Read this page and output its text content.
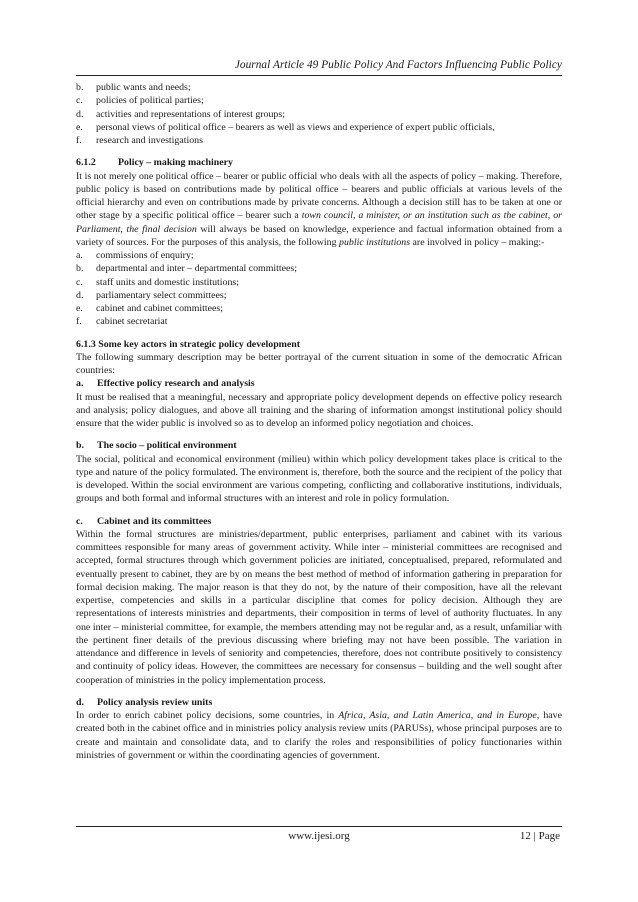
Journal Article 49 Public Policy And Factors Influencing Public Policy
b.	public wants and needs;
c.	policies of political parties;
d.	activities and representations of interest groups;
e.	personal views of political office – bearers as well as views and experience of expert public officials,
f.	research and investigations
6.1.2 Policy – making machinery
It is not merely one political office – bearer or public official who deals with all the aspects of policy – making. Therefore, public policy is based on contributions made by political office – bearers and public officials at various levels of the official hierarchy and even on contributions made by private concerns. Although a decision still has to be taken at one or other stage by a specific political office – bearer such a town council, a minister, or an institution such as the cabinet, or Parliament, the final decision will always be based on knowledge, experience and factual information obtained from a variety of sources. For the purposes of this analysis, the following public institutions are involved in policy – making:-
a.	commissions of enquiry;
b.	departmental and inter – departmental committees;
c.	staff units and domestic institutions;
d.	parliamentary select committees;
e.	cabinet and cabinet committees;
f.	cabinet secretariat
6.1.3 Some key actors in strategic policy development
The following summary description may be better portrayal of the current situation in some of the democratic African countries:
a.	Effective policy research and analysis
It must be realised that a meaningful, necessary and appropriate policy development depends on effective policy research and analysis; policy dialogues, and above all training and the sharing of information amongst institutional policy should ensure that the wider public is involved so as to develop an informed policy negotiation and choices.
b.	The socio – political environment
The social, political and economical environment (milieu) within which policy development takes place is critical to the type and nature of the policy formulated. The environment is, therefore, both the source and the recipient of the policy that is developed. Within the social environment are various competing, conflicting and collaborative institutions, individuals, groups and both formal and informal structures with an interest and role in policy formulation.
c.	Cabinet and its committees
Within the formal structures are ministries/department, public enterprises, parliament and cabinet with its various committees responsible for many areas of government activity. While inter – ministerial committees are recognised and accepted, formal structures through which government policies are initiated, conceptualised, prepared, reformulated and eventually present to cabinet, they are by on means the best method of method of information gathering in preparation for formal decision making. The major reason is that they do not, by the nature of their composition, have all the relevant expertise, competencies and skills in a particular discipline that comes for policy decision. Although they are representations of interests ministries and departments, their composition in terms of level of authority fluctuates. In any one inter – ministerial committee, for example, the members attending may not be regular and, as a result, unfamiliar with the pertinent finer details of the previous discussing where briefing may not have been possible. The variation in attendance and difference in levels of seniority and competencies, therefore, does not contribute positively to consistency and continuity of policy ideas. However, the committees are necessary for consensus – building and the well sought after cooperation of ministries in the policy implementation process.
d.	Policy analysis review units
In order to enrich cabinet policy decisions, some countries, in Africa, Asia, and Latin America, and in Europe, have created both in the cabinet office and in ministries policy analysis review units (PARUSs), whose principal purposes are to create and maintain and consolidate data, and to clarify the roles and responsibilities of policy functionaries within ministries of government or within the coordinating agencies of government.
www.ijesi.org	12 | Page
